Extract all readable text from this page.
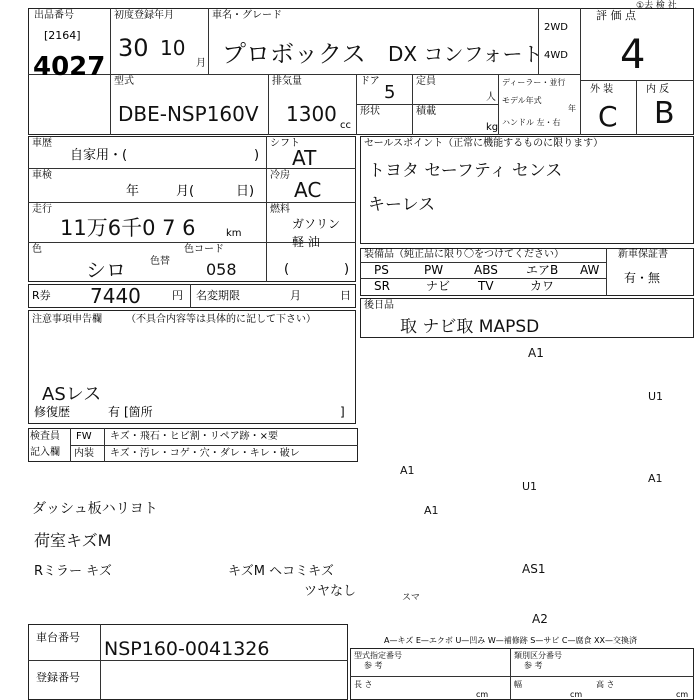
出品番号
[2164]
4027
初度登録年月
30 10
月
車名・グレード
プロボックス DX コンフォート
2WD
4WD
①去 検 社
評 価 点
4
外 装	内 反
C B
型式
DBE-NSP160V
排気量
1300 cc
ドア
5
定員
人
形状	積載
kg
ディーラー・並行
モデル年式
年
ハンドル 左・右
車歴
自家用・(	)
シフト
AT
車検
年	月(	日)
冷房
AC
走行
11万6千0 7 6	km
燃料
ガソリン
軽 油
色
シロ 色替
色コード
058	(	)
セールスポイント（正常に機能するものに限ります）
トヨタ セーフティ センス
キーレス
装備品（純正品に限り〇をつけてください）	新車保証書
有・無
PS	PW	ABS エアB AW
SR	ナビ TV	カワ
R券 7440	円 名変期限	月	日
後日品
取 ナビ取 MAPSD
注意事項申告欄 （不具合内容等は具体的に記して下さい）
ASレス
修復歴	有 [箇所	]
検査員
記入欄
FW キズ・飛石・ヒビ割・リペア跡・×要
内装 キズ・汚レ・コゲ・穴・ダレ・キレ・破レ
ダッシュ板ハリヨト
荷室キズM
Rミラー キズ	キズM ヘコミキズ
ツヤなし
A1
U1
A1
A1
U1
A1
AS1
A2
スマ
A—キズ E—エクボ U—凹み W—補修跡 S—サビ C—腐食 XX—交換済
車台番号
NSP160-0041326
登録番号
型式指定番号
参 考
類別区分番号
参 考
長 さ
cm
幅
cm
高 さ
cm
